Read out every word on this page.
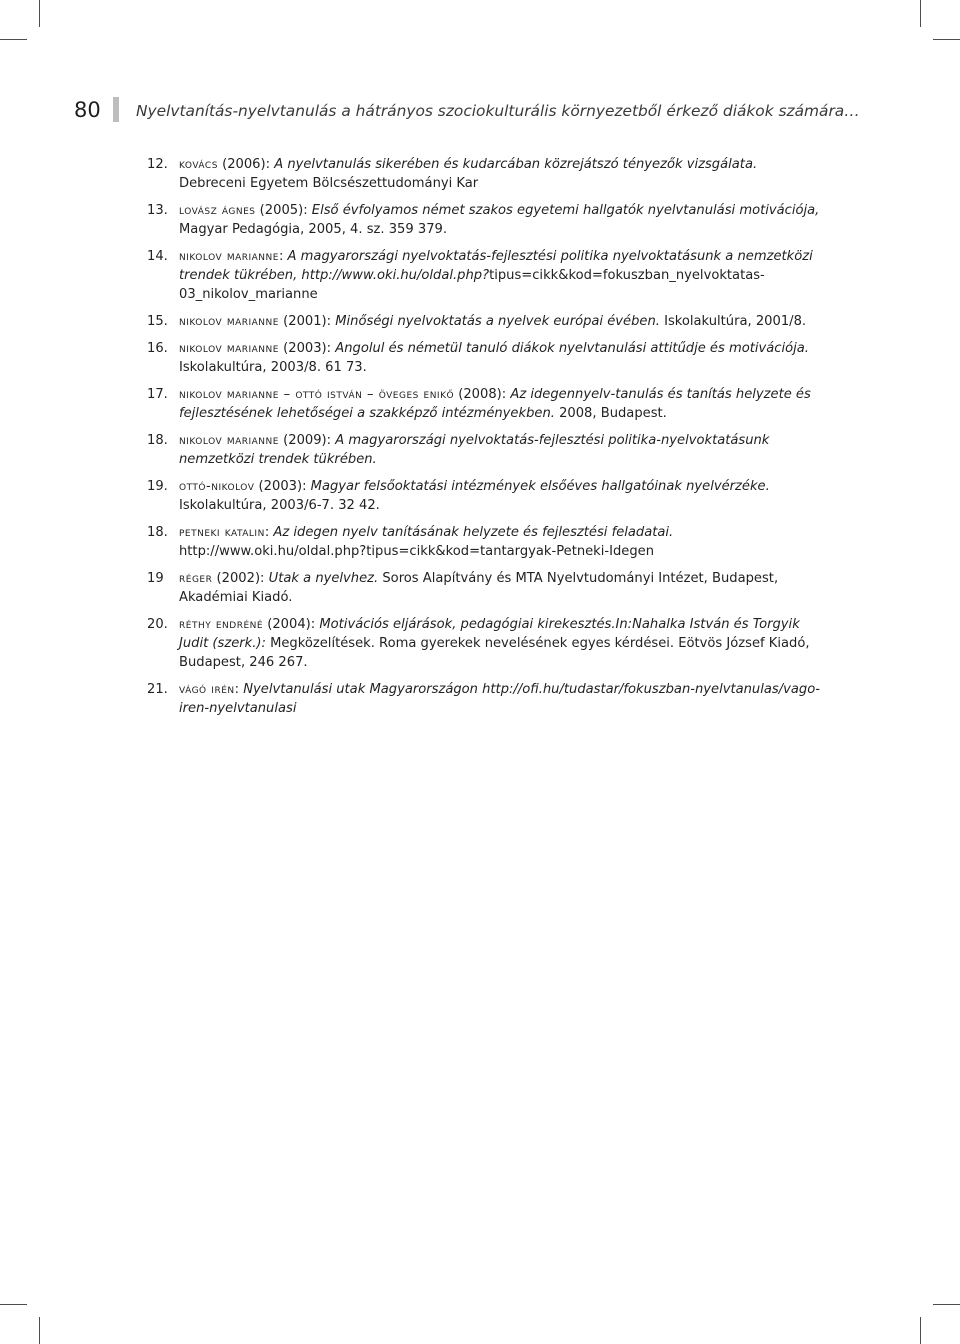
80 Nyelvtanítás-nyelvtanulás a hátrányos szociokulturális környezetből érkező diákok számára…
12. kovács (2006): A nyelvtanulás sikerében és kudarcában közrejátszó tényezők vizsgálata. Debreceni Egyetem Bölcsészettudományi Kar
13. lovász ágnes (2005): Első évfolyamos német szakos egyetemi hallgatók nyelvtanulási motivációja, Magyar Pedagógia, 2005, 4. sz. 359 379.
14. nikolov marianne: A magyarországi nyelvoktatás-fejlesztési politika nyelvoktatásunk a nemzetközi trendek tükrében, http://www.oki.hu/oldal.php?tipus=cikk&kod=fokuszban_nyelvoktatas-03_nikolov_marianne
15. nikolov marianne (2001): Minőségi nyelvoktatás a nyelvek európai évében. Iskolakultúra, 2001/8.
16. nikolov marianne (2003): Angolul és németül tanuló diákok nyelvtanulási attitűdje és motivációja. Iskolakultúra, 2003/8. 61 73.
17. nikolov marianne – ottó istván – öveges enikő (2008): Az idegennyelv-tanulás és tanítás helyzete és fejlesztésének lehetőségei a szakképző intézményekben. 2008, Budapest.
18. nikolov marianne (2009): A magyarországi nyelvoktatás-fejlesztési politika-nyelvoktatásunk nemzetközi trendek tükrében.
19. ottó-nikolov (2003): Magyar felsőoktatási intézmények elsőéves hallgatóinak nyelvérzéke. Iskolakultúra, 2003/6-7. 32 42.
18. petneki katalin: Az idegen nyelv tanításának helyzete és fejlesztési feladatai. http://www.oki.hu/oldal.php?tipus=cikk&kod=tantargyak-Petneki-Idegen
19	réger (2002): Utak a nyelvhez. Soros Alapítvány és MTA Nyelvtudományi Intézet, Budapest, Akadémiai Kiadó.
20. réthy endréné (2004): Motivációs eljárások, pedagógiai kirekesztés.In:Nahalka István és Torgyik Judit (szerk.): Megközelítések. Roma gyerekek nevelésének egyes kérdései. Eötvös József Kiadó, Budapest, 246 267.
21. vágó irén: Nyelvtanulási utak Magyarországon http://ofi.hu/tudastar/fokuszban-nyelvtanulas/vago-iren-nyelvtanulasi
